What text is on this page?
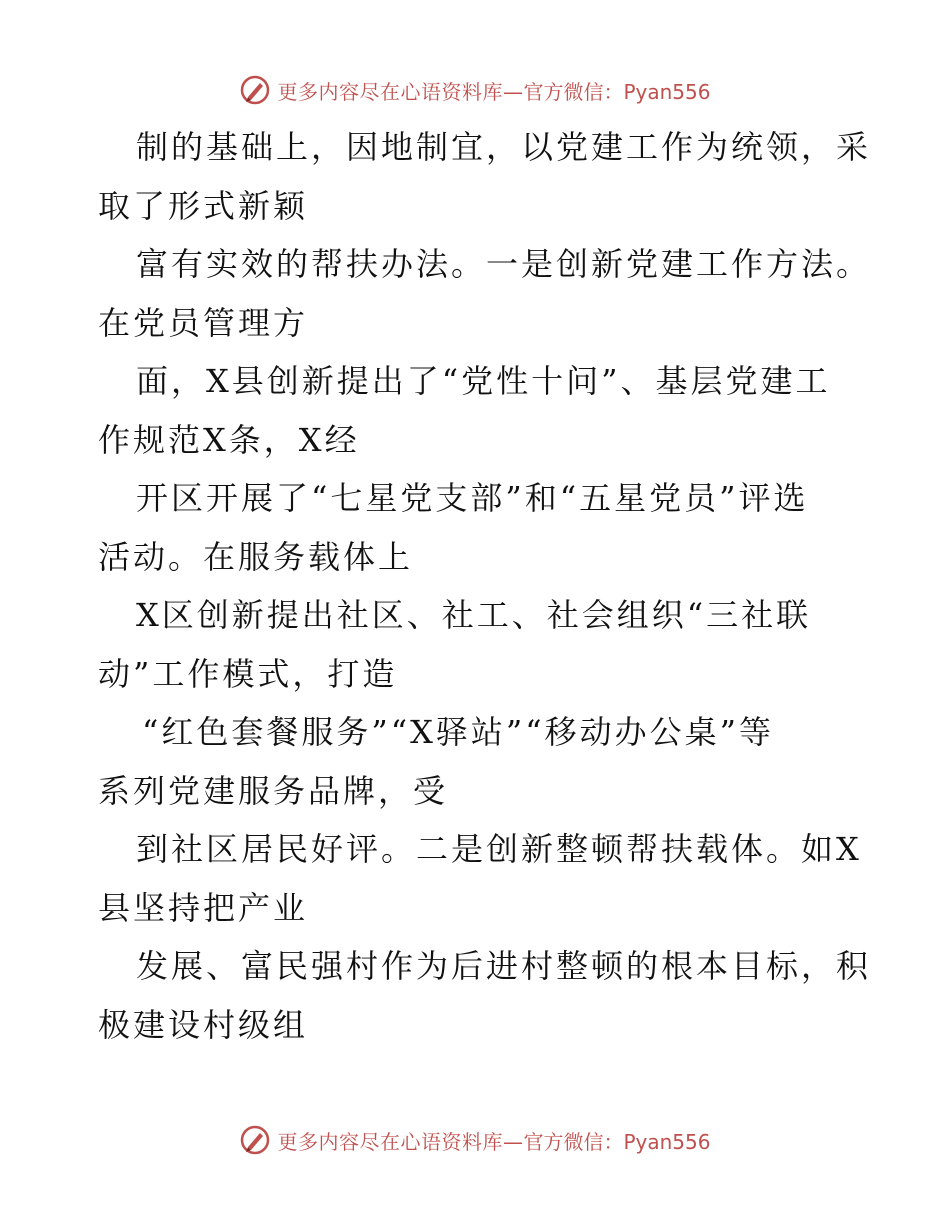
更多内容尽在心语资料库— 官方微信：Pyan556
制的基础上，因地制宜，以党建工作为统领，采
取了形式新颖
富有实效的帮扶办法。一是创新党建工作方法。
在党员管理方
面，X县创新提出了“党性十问”、基层党建工
作规范X条，X经
开区开展了“七星党支部”和“五星党员”评选
活动。在服务载体上
X区创新提出社区、社工、社会组织“三社联
动”工作模式，打造
“红色套餐服务”“X驿站”“移动办公桌”等
系列党建服务品牌，受
到社区居民好评。二是创新整顿帮扶载体。如X
县坚持把产业
发展、富民强村作为后进村整顿的根本目标，积
极建设村级组
更多内容尽在心语资料库— 官方微信：Pyan556
